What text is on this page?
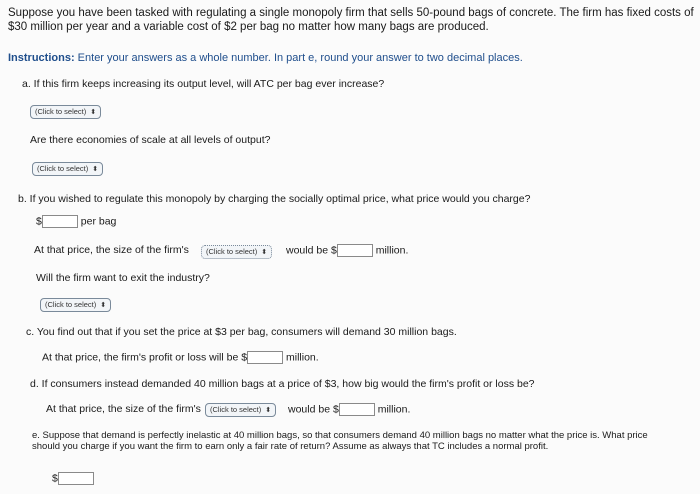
Suppose you have been tasked with regulating a single monopoly firm that sells 50-pound bags of concrete. The firm has fixed costs of $30 million per year and a variable cost of $2 per bag no matter how many bags are produced.
Instructions: Enter your answers as a whole number. In part e, round your answer to two decimal places.
a. If this firm keeps increasing its output level, will ATC per bag ever increase?
(Click to select) ⬍
Are there economies of scale at all levels of output?
(Click to select) ⬍
b. If you wished to regulate this monopoly by charging the socially optimal price, what price would you charge?
$	per bag
At that price, the size of the firm's	(Click to select) ⬍	would be $	million.
Will the firm want to exit the industry?
(Click to select) ⬍
c. You find out that if you set the price at $3 per bag, consumers will demand 30 million bags.
At that price, the firm's profit or loss will be $	million.
d. If consumers instead demanded 40 million bags at a price of $3, how big would the firm's profit or loss be?
At that price, the size of the firm's	(Click to select) ⬍	would be $	million.
e. Suppose that demand is perfectly inelastic at 40 million bags, so that consumers demand 40 million bags no matter what the price is. What price should you charge if you want the firm to earn only a fair rate of return? Assume as always that TC includes a normal profit.
$
